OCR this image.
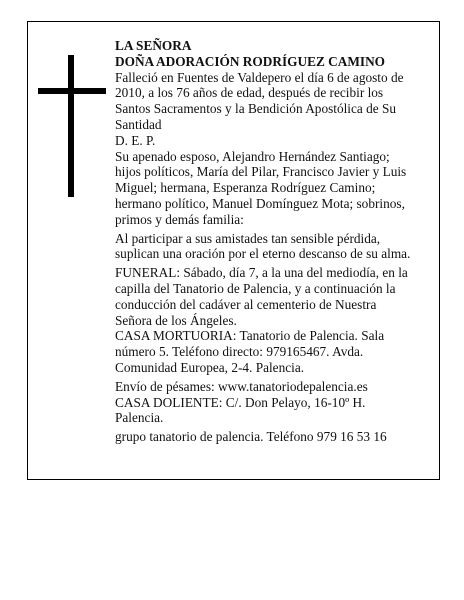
LA SEÑORA
DOÑA ADORACIÓN RODRÍGUEZ CAMINO
Falleció en Fuentes de Valdepero el día 6 de agosto de
2010, a los 76 años de edad, después de recibir los
Santos Sacramentos y la Bendición Apostólica de Su
Santidad
D. E. P.
Su apenado esposo, Alejandro Hernández Santiago;
hijos políticos, María del Pilar, Francisco Javier y Luis
Miguel; hermana, Esperanza Rodríguez Camino;
hermano político, Manuel Domínguez Mota; sobrinos,
primos y demás familia:
Al participar a sus amistades tan sensible pérdida,
suplican una oración por el eterno descanso de su alma.
FUNERAL: Sábado, día 7, a la una del mediodía, en la
capilla del Tanatorio de Palencia, y a continuación la
conducción del cadáver al cementerio de Nuestra
Señora de los Ángeles.
CASA MORTUORIA: Tanatorio de Palencia. Sala
número 5. Teléfono directo: 979165467. Avda.
Comunidad Europea, 2-4. Palencia.
Envío de pésames: www.tanatoriodepalencia.es
CASA DOLIENTE: C/. Don Pelayo, 16-10º H.
Palencia.
grupo tanatorio de palencia. Teléfono 979 16 53 16
